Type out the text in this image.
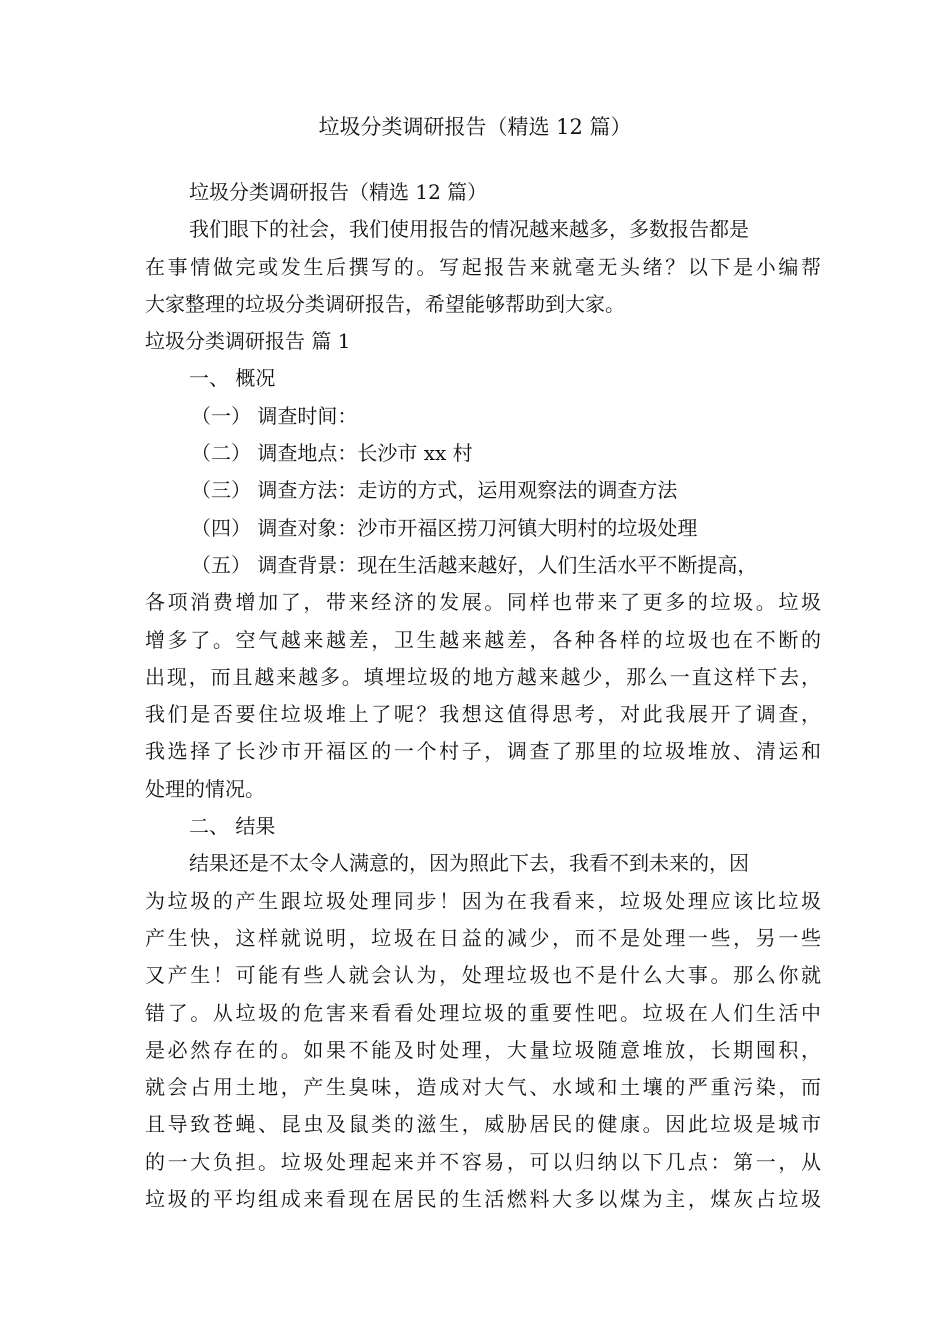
垃圾分类调研报告（精选 12 篇）
垃圾分类调研报告（精选 12 篇）
我们眼下的社会，我们使用报告的情况越来越多，多数报告都是
在事情做完或发生后撰写的。写起报告来就毫无头绪？以下是小编帮
大家整理的垃圾分类调研报告，希望能够帮助到大家。
垃圾分类调研报告 篇 1
一、 概况
（一） 调查时间：
（二） 调查地点：长沙市 xx 村
（三） 调查方法：走访的方式，运用观察法的调查方法
（四） 调查对象：沙市开福区捞刀河镇大明村的垃圾处理
（五） 调查背景：现在生活越来越好，人们生活水平不断提高，
各项消费增加了，带来经济的发展。同样也带来了更多的垃圾。垃圾
增多了。空气越来越差，卫生越来越差，各种各样的垃圾也在不断的
出现，而且越来越多。填埋垃圾的地方越来越少，那么一直这样下去，
我们是否要住垃圾堆上了呢？我想这值得思考，对此我展开了调查，
我选择了长沙市开福区的一个村子，调查了那里的垃圾堆放、清运和
处理的情况。
二、 结果
结果还是不太令人满意的，因为照此下去，我看不到未来的，因
为垃圾的产生跟垃圾处理同步！因为在我看来，垃圾处理应该比垃圾
产生快，这样就说明，垃圾在日益的减少，而不是处理一些，另一些
又产生！可能有些人就会认为，处理垃圾也不是什么大事。那么你就
错了。从垃圾的危害来看看处理垃圾的重要性吧。垃圾在人们生活中
是必然存在的。如果不能及时处理，大量垃圾随意堆放，长期囤积，
就会占用土地，产生臭味，造成对大气、水域和土壤的严重污染，而
且导致苍蝇、昆虫及鼠类的滋生，威胁居民的健康。因此垃圾是城市
的一大负担。垃圾处理起来并不容易，可以归纳以下几点：第一，从
垃圾的平均组成来看现在居民的生活燃料大多以煤为主，煤灰占垃圾
